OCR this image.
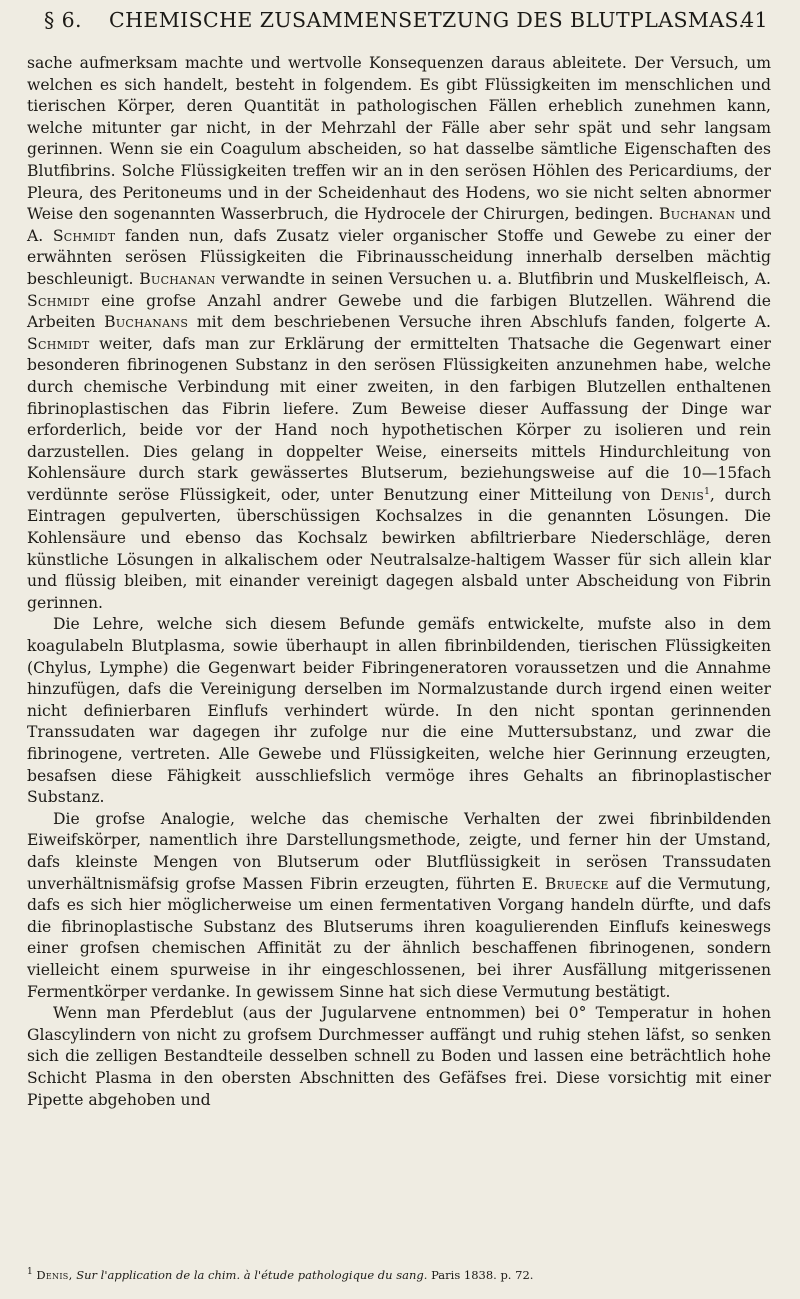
§ 6. CHEMISCHE ZUSAMMENSETZUNG DES BLUTPLASMAS.
41

sache aufmerksam machte und wertvolle Konsequenzen daraus ableitete. Der Versuch, um welchen es sich handelt, besteht in folgendem. Es gibt Flüssigkeiten im menschlichen und tierischen Körper, deren Quantität in pathologischen Fällen erheblich zunehmen kann, welche mitunter gar nicht, in der Mehrzahl der Fälle aber sehr spät und sehr langsam gerinnen. Wenn sie ein Coagulum abscheiden, so hat dasselbe sämtliche Eigenschaften des Blutfibrins. Solche Flüssigkeiten treffen wir an in den serösen Höhlen des Pericardiums, der Pleura, des Peritoneums und in der Scheidenhaut des Hodens, wo sie nicht selten abnormer Weise den sogenannten Wasserbruch, die Hydrocele der Chirurgen, bedingen. Buchanan und A. Schmidt fanden nun, dafs Zusatz vieler organischer Stoffe und Gewebe zu einer der erwähnten serösen Flüssigkeiten die Fibrinausscheidung innerhalb derselben mächtig beschleunigt. Buchanan verwandte in seinen Versuchen u. a. Blutfibrin und Muskelfleisch, A. Schmidt eine grofse Anzahl andrer Gewebe und die farbigen Blutzellen. Während die Arbeiten Buchanans mit dem beschriebenen Versuche ihren Abschlufs fanden, folgerte A. Schmidt weiter, dafs man zur Erklärung der ermittelten Thatsache die Gegenwart einer besonderen fibrinogenen Substanz in den serösen Flüssigkeiten anzunehmen habe, welche durch chemische Verbindung mit einer zweiten, in den farbigen Blutzellen enthaltenen fibrinoplastischen das Fibrin liefere. Zum Beweise dieser Auffassung der Dinge war erforderlich, beide vor der Hand noch hypothetischen Körper zu isolieren und rein darzustellen. Dies gelang in doppelter Weise, einerseits mittels Hindurchleitung von Kohlensäure durch stark gewässertes Blutserum, beziehungsweise auf die 10—15fach verdünnte seröse Flüssigkeit, oder, unter Benutzung einer Mitteilung von Denis$^1$, durch Eintragen gepulverten, überschüssigen Kochsalzes in die genannten Lösungen. Die Kohlensäure und ebenso das Kochsalz bewirken abfiltrierbare Niederschläge, deren künstliche Lösungen in alkalischem oder Neutralsalze-haltigem Wasser für sich allein klar und flüssig bleiben, mit einander vereinigt dagegen alsbald unter Abscheidung von Fibrin gerinnen.

Die Lehre, welche sich diesem Befunde gemäfs entwickelte, mufste also in dem koagulabeln Blutplasma, sowie überhaupt in allen fibrinbildenden, tierischen Flüssigkeiten (Chylus, Lymphe) die Gegenwart beider Fibringeneratoren voraussetzen und die Annahme hinzufügen, dafs die Vereinigung derselben im Normalzustande durch irgend einen weiter nicht definierbaren Einflufs verhindert würde. In den nicht spontan gerinnenden Transsudaten war dagegen ihr zufolge nur die eine Muttersubstanz, und zwar die fibrinogene, vertreten. Alle Gewebe und Flüssigkeiten, welche hier Gerinnung erzeugten, besafsen diese Fähigkeit ausschliefslich vermöge ihres Gehalts an fibrinoplastischer Substanz.

Die grofse Analogie, welche das chemische Verhalten der zwei fibrinbildenden Eiweifskörper, namentlich ihre Darstellungsmethode, zeigte, und ferner hin der Umstand, dafs kleinste Mengen von Blutserum oder Blutflüssigkeit in serösen Transsudaten unverhältnismäfsig grofse Massen Fibrin erzeugten, führten E. Bruecke auf die Vermutung, dafs es sich hier möglicherweise um einen fermentativen Vorgang handeln dürfte, und dafs die fibrinoplastische Substanz des Blutserums ihren koagulierenden Einflufs keineswegs einer grofsen chemischen Affinität zu der ähnlich beschaffenen fibrinogenen, sondern vielleicht einem spurweise in ihr eingeschlossenen, bei ihrer Ausfällung mitgerissenen Fermentkörper verdanke. In gewissem Sinne hat sich diese Vermutung bestätigt.

Wenn man Pferdeblut (aus der Jugularvene entnommen) bei 0° Temperatur in hohen Glascylindern von nicht zu grofsem Durchmesser auffängt und ruhig stehen läfst, so senken sich die zelligen Bestandteile desselben schnell zu Boden und lassen eine beträchtlich hohe Schicht Plasma in den obersten Abschnitten des Gefäfses frei. Diese vorsichtig mit einer Pipette abgehoben und

$^1$ Denis, Sur l'application de la chim. à l'étude pathologique du sang. Paris 1838. p. 72.
